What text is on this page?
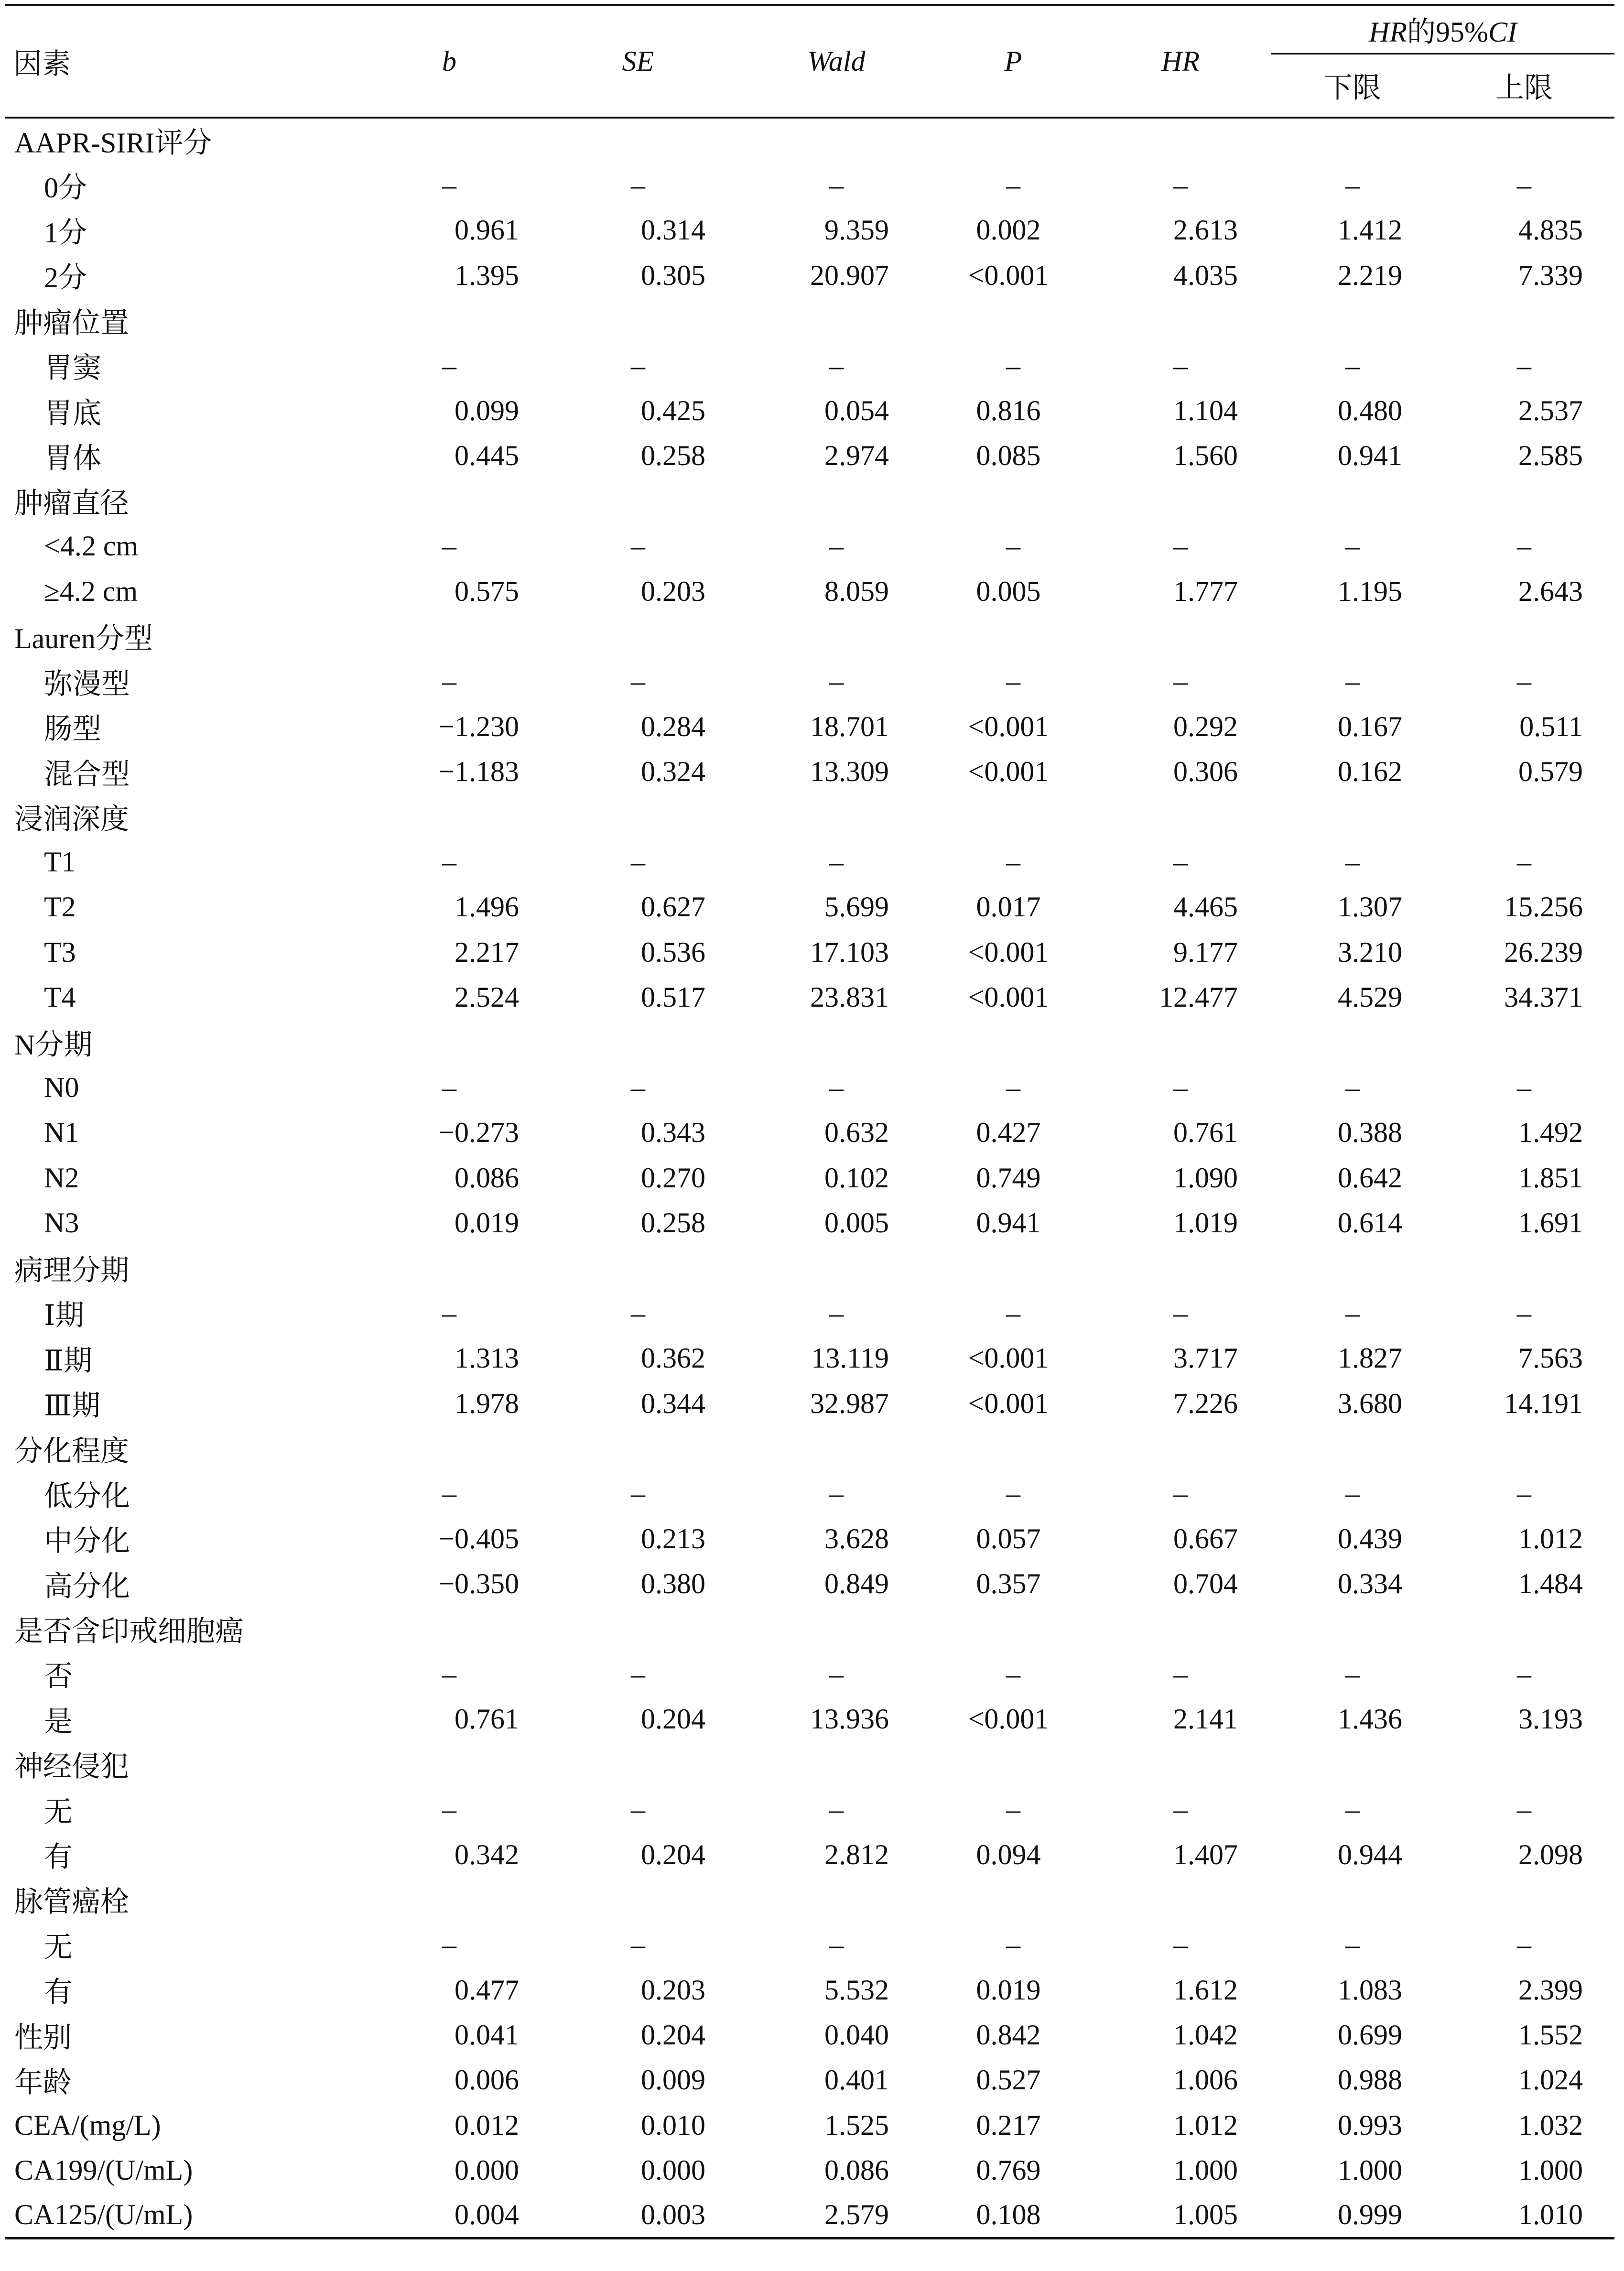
因素	b	SE	Wald	P	HR	HR的95%CI	
						下限	上限
AAPR-SIRI评分							
0分	–	–	–	–	–	–	–
1分	0.961	0.314	9.359	0.002	2.613	1.412	4.835
2分	1.395	0.305	20.907	<0.001	4.035	2.219	7.339
肿瘤位置							
胃窦	–	–	–	–	–	–	–
胃底	0.099	0.425	0.054	0.816	1.104	0.480	2.537
胃体	0.445	0.258	2.974	0.085	1.560	0.941	2.585
肿瘤直径							
<4.2 cm	–	–	–	–	–	–	–
≥4.2 cm	0.575	0.203	8.059	0.005	1.777	1.195	2.643
Lauren分型							
弥漫型	–	–	–	–	–	–	–
肠型	−1.230	0.284	18.701	<0.001	0.292	0.167	0.511
混合型	−1.183	0.324	13.309	<0.001	0.306	0.162	0.579
浸润深度							
T1	–	–	–	–	–	–	–
T2	1.496	0.627	5.699	0.017	4.465	1.307	15.256
T3	2.217	0.536	17.103	<0.001	9.177	3.210	26.239
T4	2.524	0.517	23.831	<0.001	12.477	4.529	34.371
N分期							
N0	–	–	–	–	–	–	–
N1	−0.273	0.343	0.632	0.427	0.761	0.388	1.492
N2	0.086	0.270	0.102	0.749	1.090	0.642	1.851
N3	0.019	0.258	0.005	0.941	1.019	0.614	1.691
病理分期							
Ⅰ期	–	–	–	–	–	–	–
Ⅱ期	1.313	0.362	13.119	<0.001	3.717	1.827	7.563
Ⅲ期	1.978	0.344	32.987	<0.001	7.226	3.680	14.191
分化程度							
低分化	–	–	–	–	–	–	–
中分化	−0.405	0.213	3.628	0.057	0.667	0.439	1.012
高分化	−0.350	0.380	0.849	0.357	0.704	0.334	1.484
是否含印戒细胞癌							
否	–	–	–	–	–	–	–
是	0.761	0.204	13.936	<0.001	2.141	1.436	3.193
神经侵犯							
无	–	–	–	–	–	–	–
有	0.342	0.204	2.812	0.094	1.407	0.944	2.098
脉管癌栓							
无	–	–	–	–	–	–	–
有	0.477	0.203	5.532	0.019	1.612	1.083	2.399
性别	0.041	0.204	0.040	0.842	1.042	0.699	1.552
年龄	0.006	0.009	0.401	0.527	1.006	0.988	1.024
CEA/(mg/L)	0.012	0.010	1.525	0.217	1.012	0.993	1.032
CA199/(U/mL)	0.000	0.000	0.086	0.769	1.000	1.000	1.000
CA125/(U/mL)	0.004	0.003	2.579	0.108	1.005	0.999	1.010
